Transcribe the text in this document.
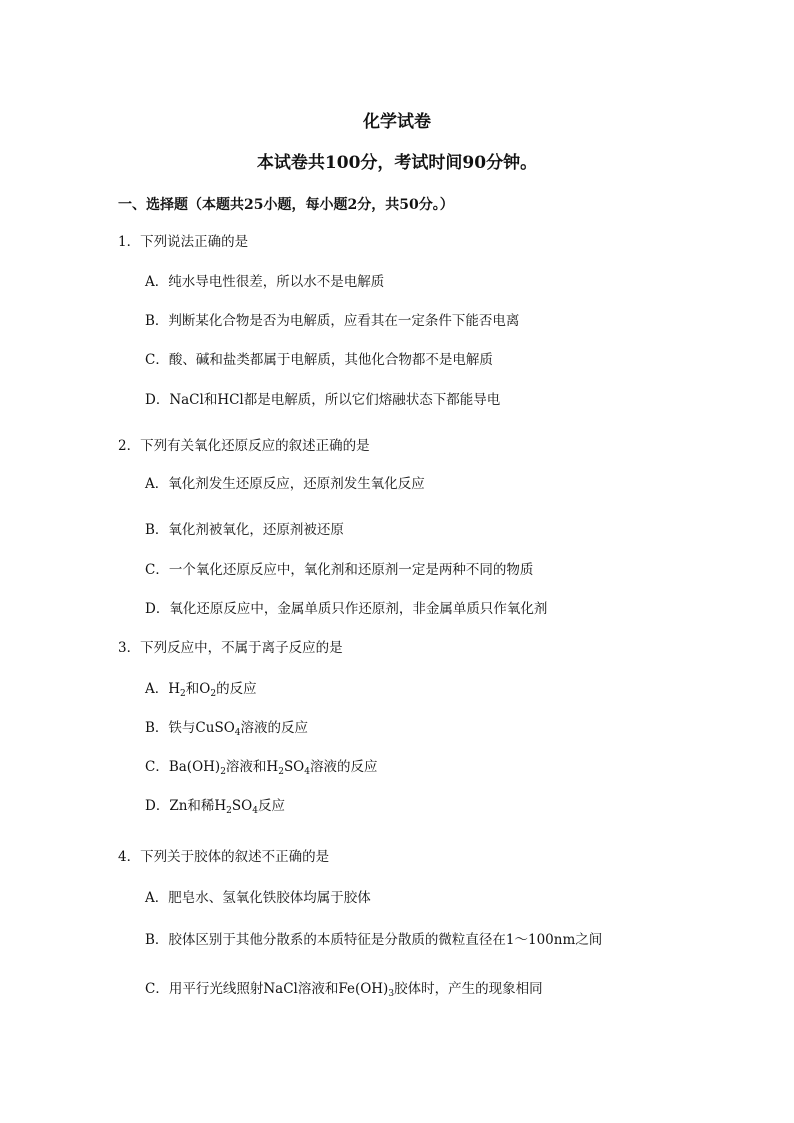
化学试卷
本试卷共100分，考试时间90分钟。
一、选择题（本题共25小题，每小题2分，共50分。）
1．下列说法正确的是
A．纯水导电性很差，所以水不是电解质
B．判断某化合物是否为电解质，应看其在一定条件下能否电离
C．酸、碱和盐类都属于电解质，其他化合物都不是电解质
D．NaCl和HCl都是电解质，所以它们熔融状态下都能导电
2．下列有关氧化还原反应的叙述正确的是
A．氧化剂发生还原反应，还原剂发生氧化反应
B．氧化剂被氧化，还原剂被还原
C．一个氧化还原反应中，氧化剂和还原剂一定是两种不同的物质
D．氧化还原反应中，金属单质只作还原剂，非金属单质只作氧化剂
3．下列反应中，不属于离子反应的是
A．$H_2$和$O_2$的反应
B．铁与CuSO$_4$溶液的反应
C．$Ba(OH)_2$溶液和$H_2SO_4$溶液的反应
D．Zn和稀$H_2SO_4$反应
4．下列关于胶体的叙述不正确的是
A．肥皂水、氢氧化铁胶体均属于胶体
B．胶体区别于其他分散系的本质特征是分散质的微粒直径在1～100nm之间
C．用平行光线照射NaCl溶液和$Fe(OH)_3$胶体时，产生的现象相同
